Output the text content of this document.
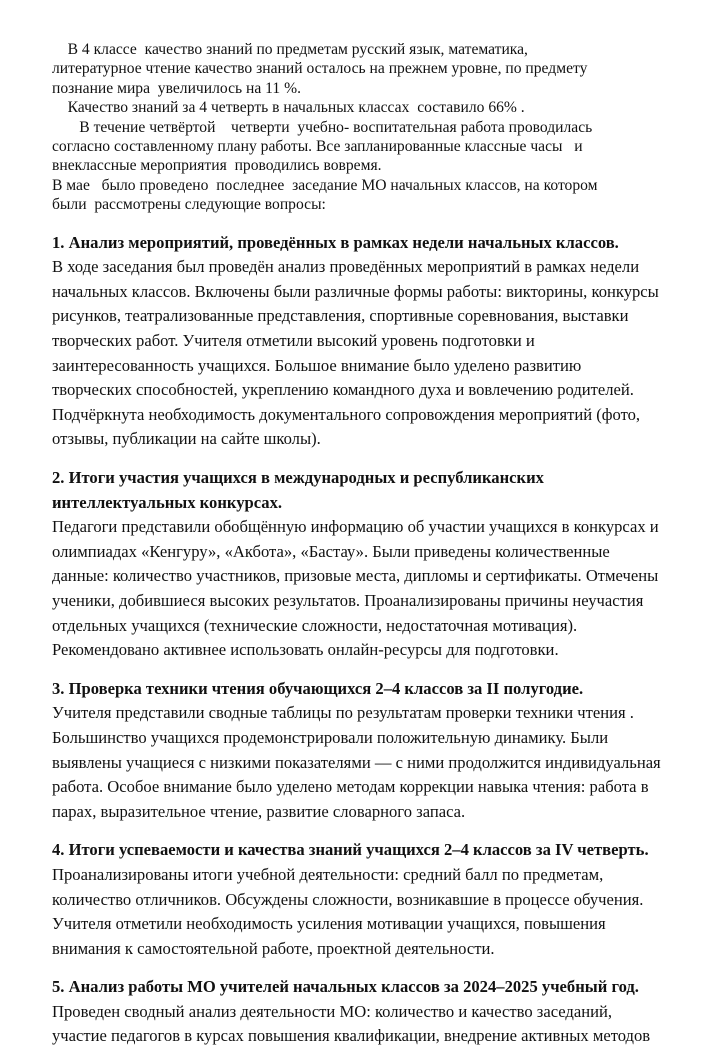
В 4 классе  качество знаний по предметам русский язык, математика,

литературное чтение качество знаний осталось на прежнем уровне, по предмету

познание мира  увеличилось на 11 %.

Качество знаний за 4 четверть в начальных классах  составило 66% .

В течение четвёртой    четверти  учебно- воспитательная работа проводилась

согласно составленному плану работы. Все запланированные классные часы   и

внеклассные мероприятия  проводились вовремя.

В мае   было проведено  последнее  заседание МО начальных классов, на котором

были  рассмотрены следующие вопросы:

1. Анализ мероприятий, проведённых в рамках недели начальных классов.

В ходе заседания был проведён анализ проведённых мероприятий в рамках недели
начальных классов. Включены были различные формы работы: викторины, конкурсы
рисунков, театрализованные представления, спортивные соревнования, выставки
творческих работ. Учителя отметили высокий уровень подготовки и
заинтересованность учащихся. Большое внимание было уделено развитию
творческих способностей, укреплению командного духа и вовлечению родителей.
Подчёркнута необходимость документального сопровождения мероприятий (фото,
отзывы, публикации на сайте школы).

2. Итоги участия учащихся в международных и республиканских

интеллектуальных конкурсах.

Педагоги представили обобщённую информацию об участии учащихся в конкурсах и
олимпиадах «Кенгуру», «Акбота», «Бастау». Были приведены количественные
данные: количество участников, призовые места, дипломы и сертификаты. Отмечены
ученики, добившиеся высоких результатов. Проанализированы причины неучастия
отдельных учащихся (технические сложности, недостаточная мотивация).
Рекомендовано активнее использовать онлайн-ресурсы для подготовки.

3. Проверка техники чтения обучающихся 2–4 классов за II полугодие.

Учителя представили сводные таблицы по результатам проверки техники чтения .
Большинство учащихся продемонстрировали положительную динамику. Были
выявлены учащиеся с низкими показателями — с ними продолжится индивидуальная
работа. Особое внимание было уделено методам коррекции навыка чтения: работа в
парах, выразительное чтение, развитие словарного запаса.

4. Итоги успеваемости и качества знаний учащихся 2–4 классов за IV четверть.

Проанализированы итоги учебной деятельности: средний балл по предметам,
количество отличников. Обсуждены сложности, возникавшие в процессе обучения.
Учителя отметили необходимость усиления мотивации учащихся, повышения
внимания к самостоятельной работе, проектной деятельности.

5. Анализ работы МО учителей начальных классов за 2024–2025 учебный год.

Проведен сводный анализ деятельности МО: количество и качество заседаний,
участие педагогов в курсах повышения квалификации, внедрение активных методов
